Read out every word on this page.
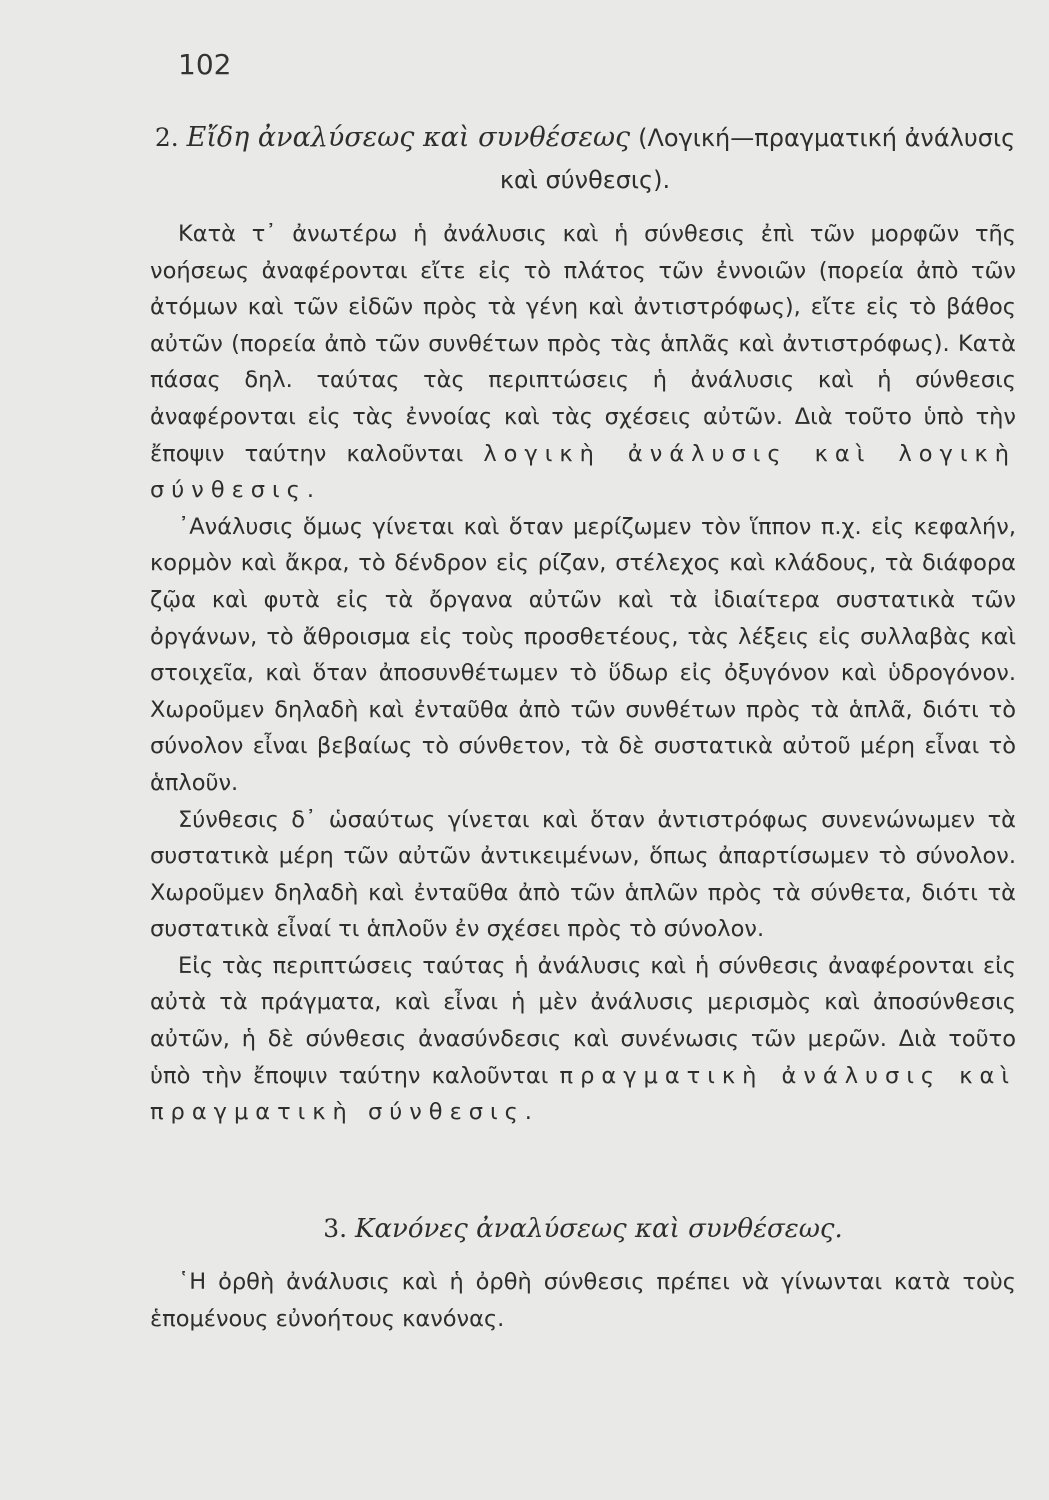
102
2. Εἴδη ἀναλύσεως καὶ συνθέσεως (Λογική—πραγματική ἀνάλυσις καὶ σύνθεσις).

Κατὰ τ᾽ ἀνωτέρω ἡ ἀνάλυσις καὶ ἡ σύνθεσις ἐπὶ τῶν μορφῶν τῆς νοήσεως ἀναφέρονται εἴτε εἰς τὸ πλάτος τῶν ἐννοιῶν (πορεία ἀπὸ τῶν ἀτόμων καὶ τῶν εἰδῶν πρὸς τὰ γένη καὶ ἀντιστρόφως), εἴτε εἰς τὸ βάθος αὐτῶν (πορεία ἀπὸ τῶν συνθέτων πρὸς τὰς ἁπλᾶς καὶ ἀντιστρόφως). Κατὰ πάσας δηλ. ταύτας τὰς περιπτώσεις ἡ ἀνάλυσις καὶ ἡ σύνθεσις ἀναφέρονται εἰς τὰς ἐννοίας καὶ τὰς σχέσεις αὐτῶν. Διὰ τοῦτο ὑπὸ τὴν ἔποψιν ταύτην καλοῦνται λογικὴ ἀνάλυσις καὶ λογικὴ σύνθεσις.

᾽Ανάλυσις ὅμως γίνεται καὶ ὅταν μερίζωμεν τὸν ἵππον π.χ. εἰς κεφαλήν, κορμὸν καὶ ἄκρα, τὸ δένδρον εἰς ρίζαν, στέλεχος καὶ κλάδους, τὰ διάφορα ζῷα καὶ φυτὰ εἰς τὰ ὄργανα αὐτῶν καὶ τὰ ἰδιαίτερα συστατικὰ τῶν ὀργάνων, τὸ ἄθροισμα εἰς τοὺς προσθετέους, τὰς λέξεις εἰς συλλαβὰς καὶ στοιχεῖα, καὶ ὅταν ἀποσυνθέτωμεν τὸ ὕδωρ εἰς ὀξυγόνον καὶ ὑδρογόνον. Χωροῦμεν δηλαδὴ καὶ ἐνταῦθα ἀπὸ τῶν συνθέτων πρὸς τὰ ἁπλᾶ, διότι τὸ σύνολον εἶναι βεβαίως τὸ σύνθετον, τὰ δὲ συστατικὰ αὐτοῦ μέρη εἶναι τὸ ἁπλοῦν.

Σύνθεσις δ᾽ ὡσαύτως γίνεται καὶ ὅταν ἀντιστρόφως συνενώνωμεν τὰ συστατικὰ μέρη τῶν αὐτῶν ἀντικειμένων, ὅπως ἀπαρτίσωμεν τὸ σύνολον. Χωροῦμεν δηλαδὴ καὶ ἐνταῦθα ἀπὸ τῶν ἁπλῶν πρὸς τὰ σύνθετα, διότι τὰ συστατικὰ εἶναί τι ἁπλοῦν ἐν σχέσει πρὸς τὸ σύνολον.

Εἰς τὰς περιπτώσεις ταύτας ἡ ἀνάλυσις καὶ ἡ σύνθεσις ἀναφέρονται εἰς αὐτὰ τὰ πράγματα, καὶ εἶναι ἡ μὲν ἀνάλυσις μερισμὸς καὶ ἀποσύνθεσις αὐτῶν, ἡ δὲ σύνθεσις ἀνασύνδεσις καὶ συνένωσις τῶν μερῶν. Διὰ τοῦτο ὑπὸ τὴν ἔποψιν ταύτην καλοῦνται πραγματικὴ ἀνάλυσις καὶ πραγματικὴ σύνθεσις.

3. Κανόνες ἀναλύσεως καὶ συνθέσεως.

῾Η ὀρθὴ ἀνάλυσις καὶ ἡ ὀρθὴ σύνθεσις πρέπει νὰ γίνωνται κατὰ τοὺς ἑπομένους εὐνοήτους κανόνας.
